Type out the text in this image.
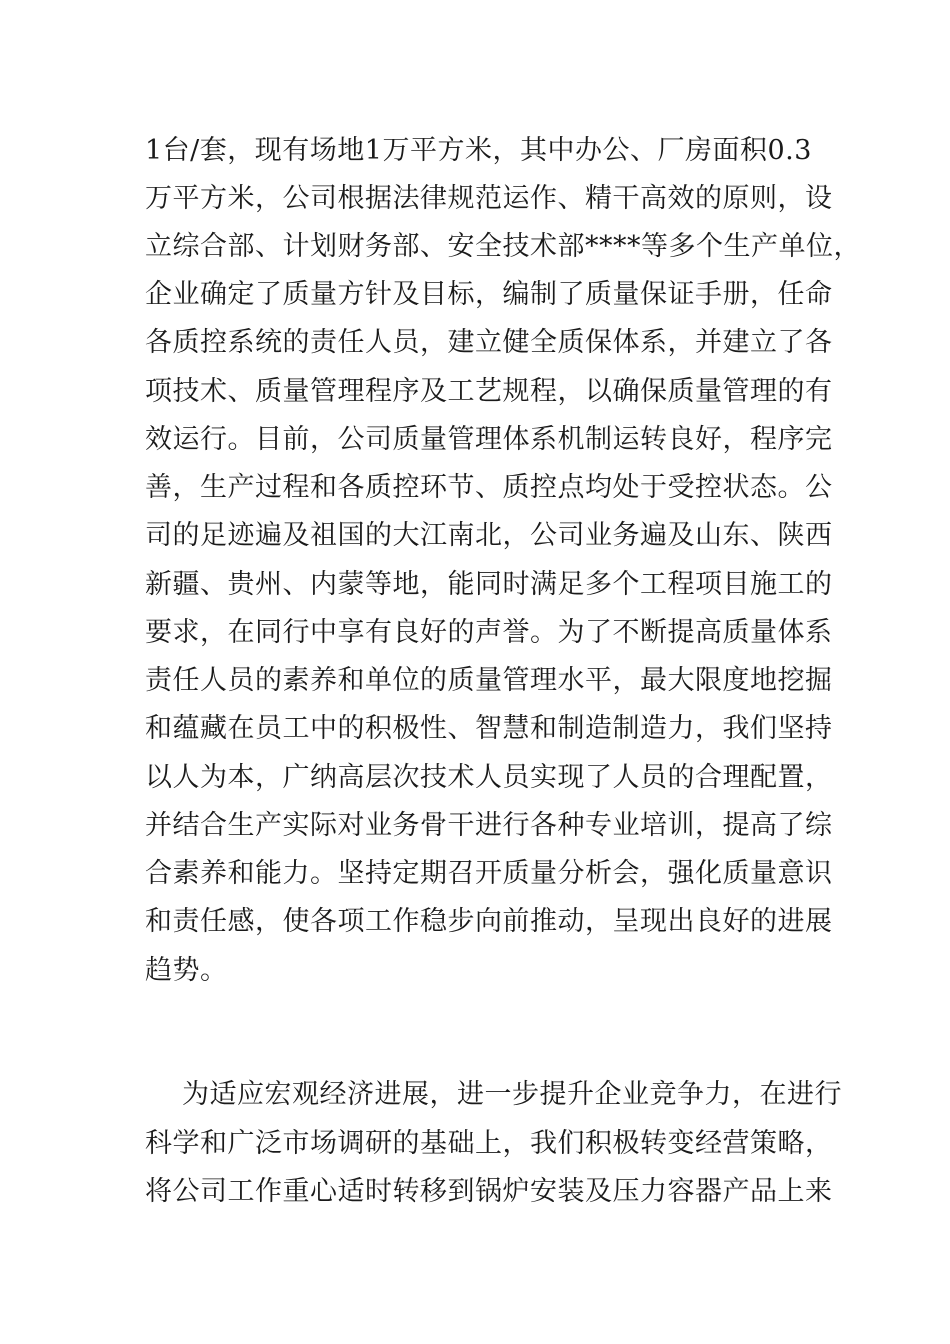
1台/套，现有场地1万平方米，其中办公、厂房面积0.3
万平方米，公司根据法律规范运作、精干高效的原则，设
立综合部、计划财务部、安全技术部****等多个生产单位，
企业确定了质量方针及目标，编制了质量保证手册，任命
各质控系统的责任人员，建立健全质保体系，并建立了各
项技术、质量管理程序及工艺规程，以确保质量管理的有
效运行。目前，公司质量管理体系机制运转良好，程序完
善，生产过程和各质控环节、质控点均处于受控状态。公
司的足迹遍及祖国的大江南北，公司业务遍及山东、陕西
新疆、贵州、内蒙等地，能同时满足多个工程项目施工的
要求，在同行中享有良好的声誉。为了不断提高质量体系
责任人员的素养和单位的质量管理水平，最大限度地挖掘
和蕴藏在员工中的积极性、智慧和制造制造力，我们坚持
以人为本，广纳高层次技术人员实现了人员的合理配置，
并结合生产实际对业务骨干进行各种专业培训，提高了综
合素养和能力。坚持定期召开质量分析会，强化质量意识
和责任感，使各项工作稳步向前推动，呈现出良好的进展
趋势。
为适应宏观经济进展，进一步提升企业竞争力，在进行
科学和广泛市场调研的基础上，我们积极转变经营策略，
将公司工作重心适时转移到锅炉安装及压力容器产品上来
